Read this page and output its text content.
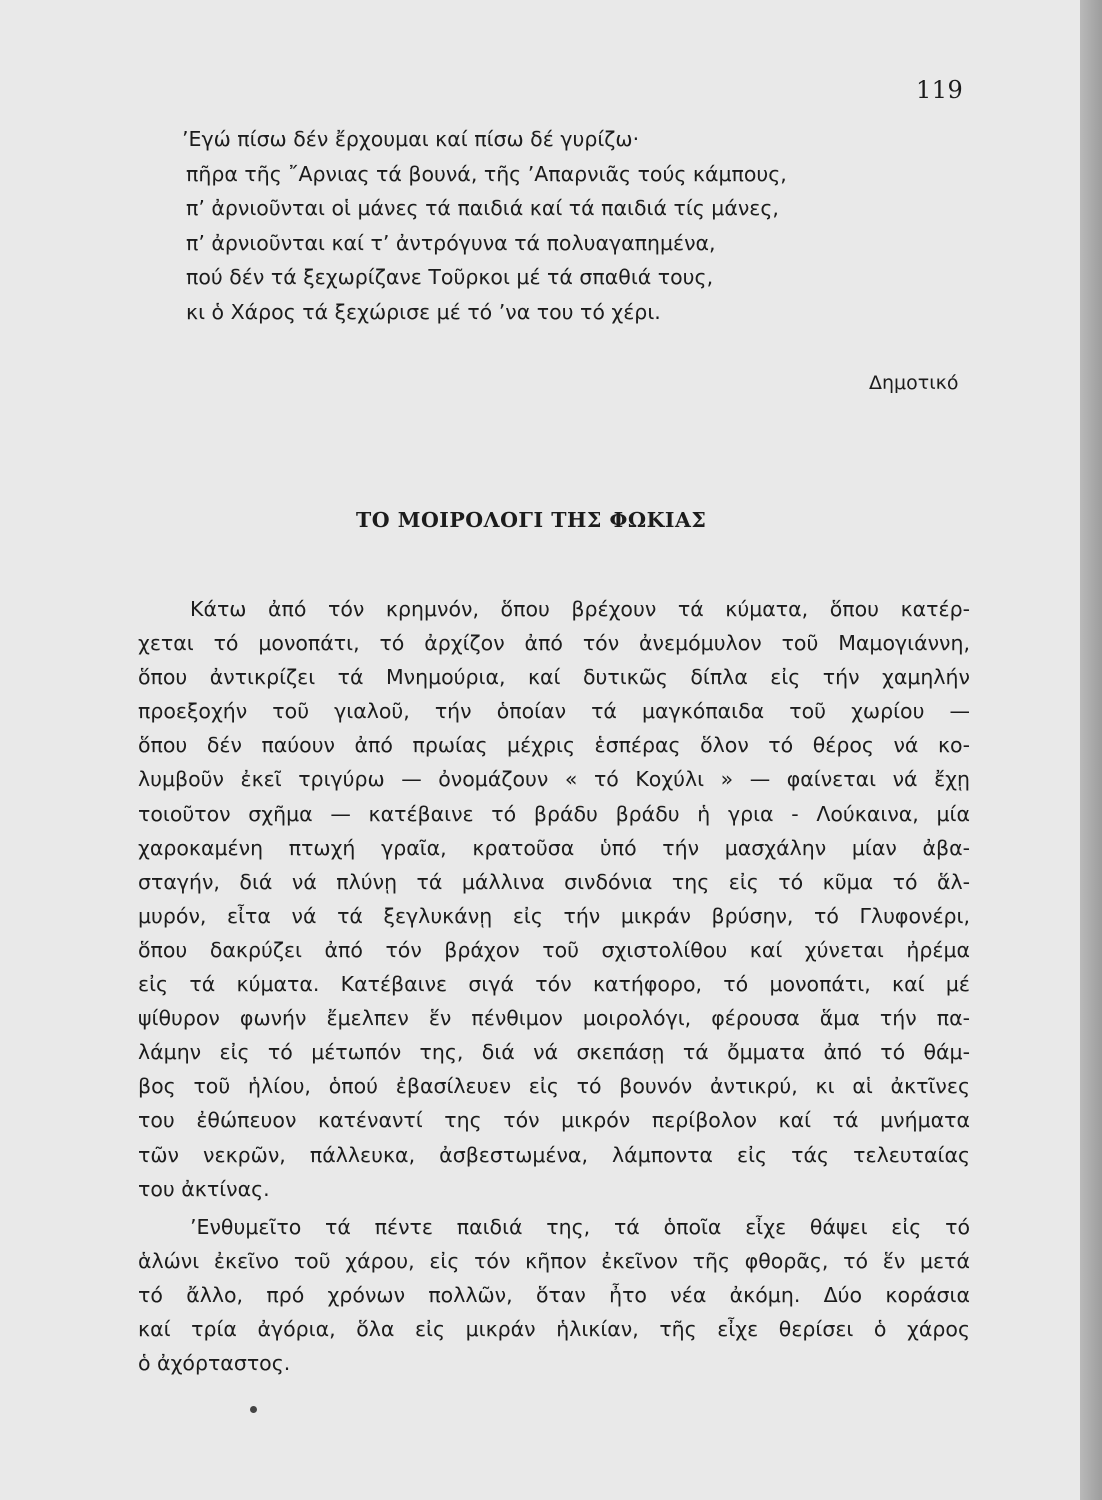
119
’Εγώ πίσω δέν ἔρχουμαι καί πίσω δέ γυρίζω·
πῆρα τῆς ῎Αρνιας τά βουνά, τῆς ’Απαρνιᾶς τούς κάμπους,
π’ ἀρνιοῦνται οἱ μάνες τά παιδιά καί τά παιδιά τίς μάνες,
π’ ἀρνιοῦνται καί τ’ ἀντρόγυνα τά πολυαγαπημένα,
πού δέν τά ξεχωρίζανε Τοῦρκοι μέ τά σπαθιά τους,
κι ὁ Χάρος τά ξεχώρισε μέ τό ’να του τό χέρι.
Δημοτικό
ΤΟ ΜΟΙΡΟΛΟΓΙ ΤΗΣ ΦΩΚΙΑΣ
Κάτω ἀπό τόν κρημνόν, ὅπου βρέχουν τά κύματα, ὅπου κατέρ-
χεται τό μονοπάτι, τό ἀρχίζον ἀπό τόν ἀνεμόμυλον τοῦ Μαμογιάννη,
ὅπου ἀντικρίζει τά Μνημούρια, καί δυτικῶς δίπλα εἰς τήν χαμηλήν
προεξοχήν τοῦ γιαλοῦ, τήν ὁποίαν τά μαγκόπαιδα τοῦ χωρίου —
ὅπου δέν παύουν ἀπό πρωίας μέχρις ἑσπέρας ὅλον τό θέρος νά κο-
λυμβοῦν ἐκεῖ τριγύρω — ὀνομάζουν « τό Κοχύλι » — φαίνεται νά ἔχῃ
τοιοῦτον σχῆμα — κατέβαινε τό βράδυ βράδυ ἡ γρια - Λούκαινα, μία
χαροκαμένη πτωχή γραῖα, κρατοῦσα ὑπό τήν μασχάλην μίαν ἀβα-
σταγήν, διά νά πλύνῃ τά μάλλινα σινδόνια της εἰς τό κῦμα τό ἅλ-
μυρόν, εἶτα νά τά ξεγλυκάνῃ εἰς τήν μικράν βρύσην, τό Γλυφονέρι,
ὅπου δακρύζει ἀπό τόν βράχον τοῦ σχιστολίθου καί χύνεται ἠρέμα
εἰς τά κύματα. Κατέβαινε σιγά τόν κατήφορο, τό μονοπάτι, καί μέ
ψίθυρον φωνήν ἔμελπεν ἕν πένθιμον μοιρολόγι, φέρουσα ἅμα τήν πα-
λάμην εἰς τό μέτωπόν της, διά νά σκεπάσῃ τά ὄμματα ἀπό τό θάμ-
βος τοῦ ἡλίου, ὁπού ἐβασίλευεν εἰς τό βουνόν ἀντικρύ, κι αἱ ἀκτῖνες
του ἐθώπευον κατέναντί της τόν μικρόν περίβολον καί τά μνήματα
τῶν νεκρῶν, πάλλευκα, ἀσβεστωμένα, λάμποντα εἰς τάς τελευταίας
του ἀκτίνας.
’Ενθυμεῖτο τά πέντε παιδιά της, τά ὁποῖα εἶχε θάψει εἰς τό
ἁλώνι ἐκεῖνο τοῦ χάρου, εἰς τόν κῆπον ἐκεῖνον τῆς φθορᾶς, τό ἕν μετά
τό ἄλλο, πρό χρόνων πολλῶν, ὅταν ἦτο νέα ἀκόμη. Δύο κοράσια
καί τρία ἀγόρια, ὅλα εἰς μικράν ἡλικίαν, τῆς εἶχε θερίσει ὁ χάρος
ὁ ἀχόρταστος.
